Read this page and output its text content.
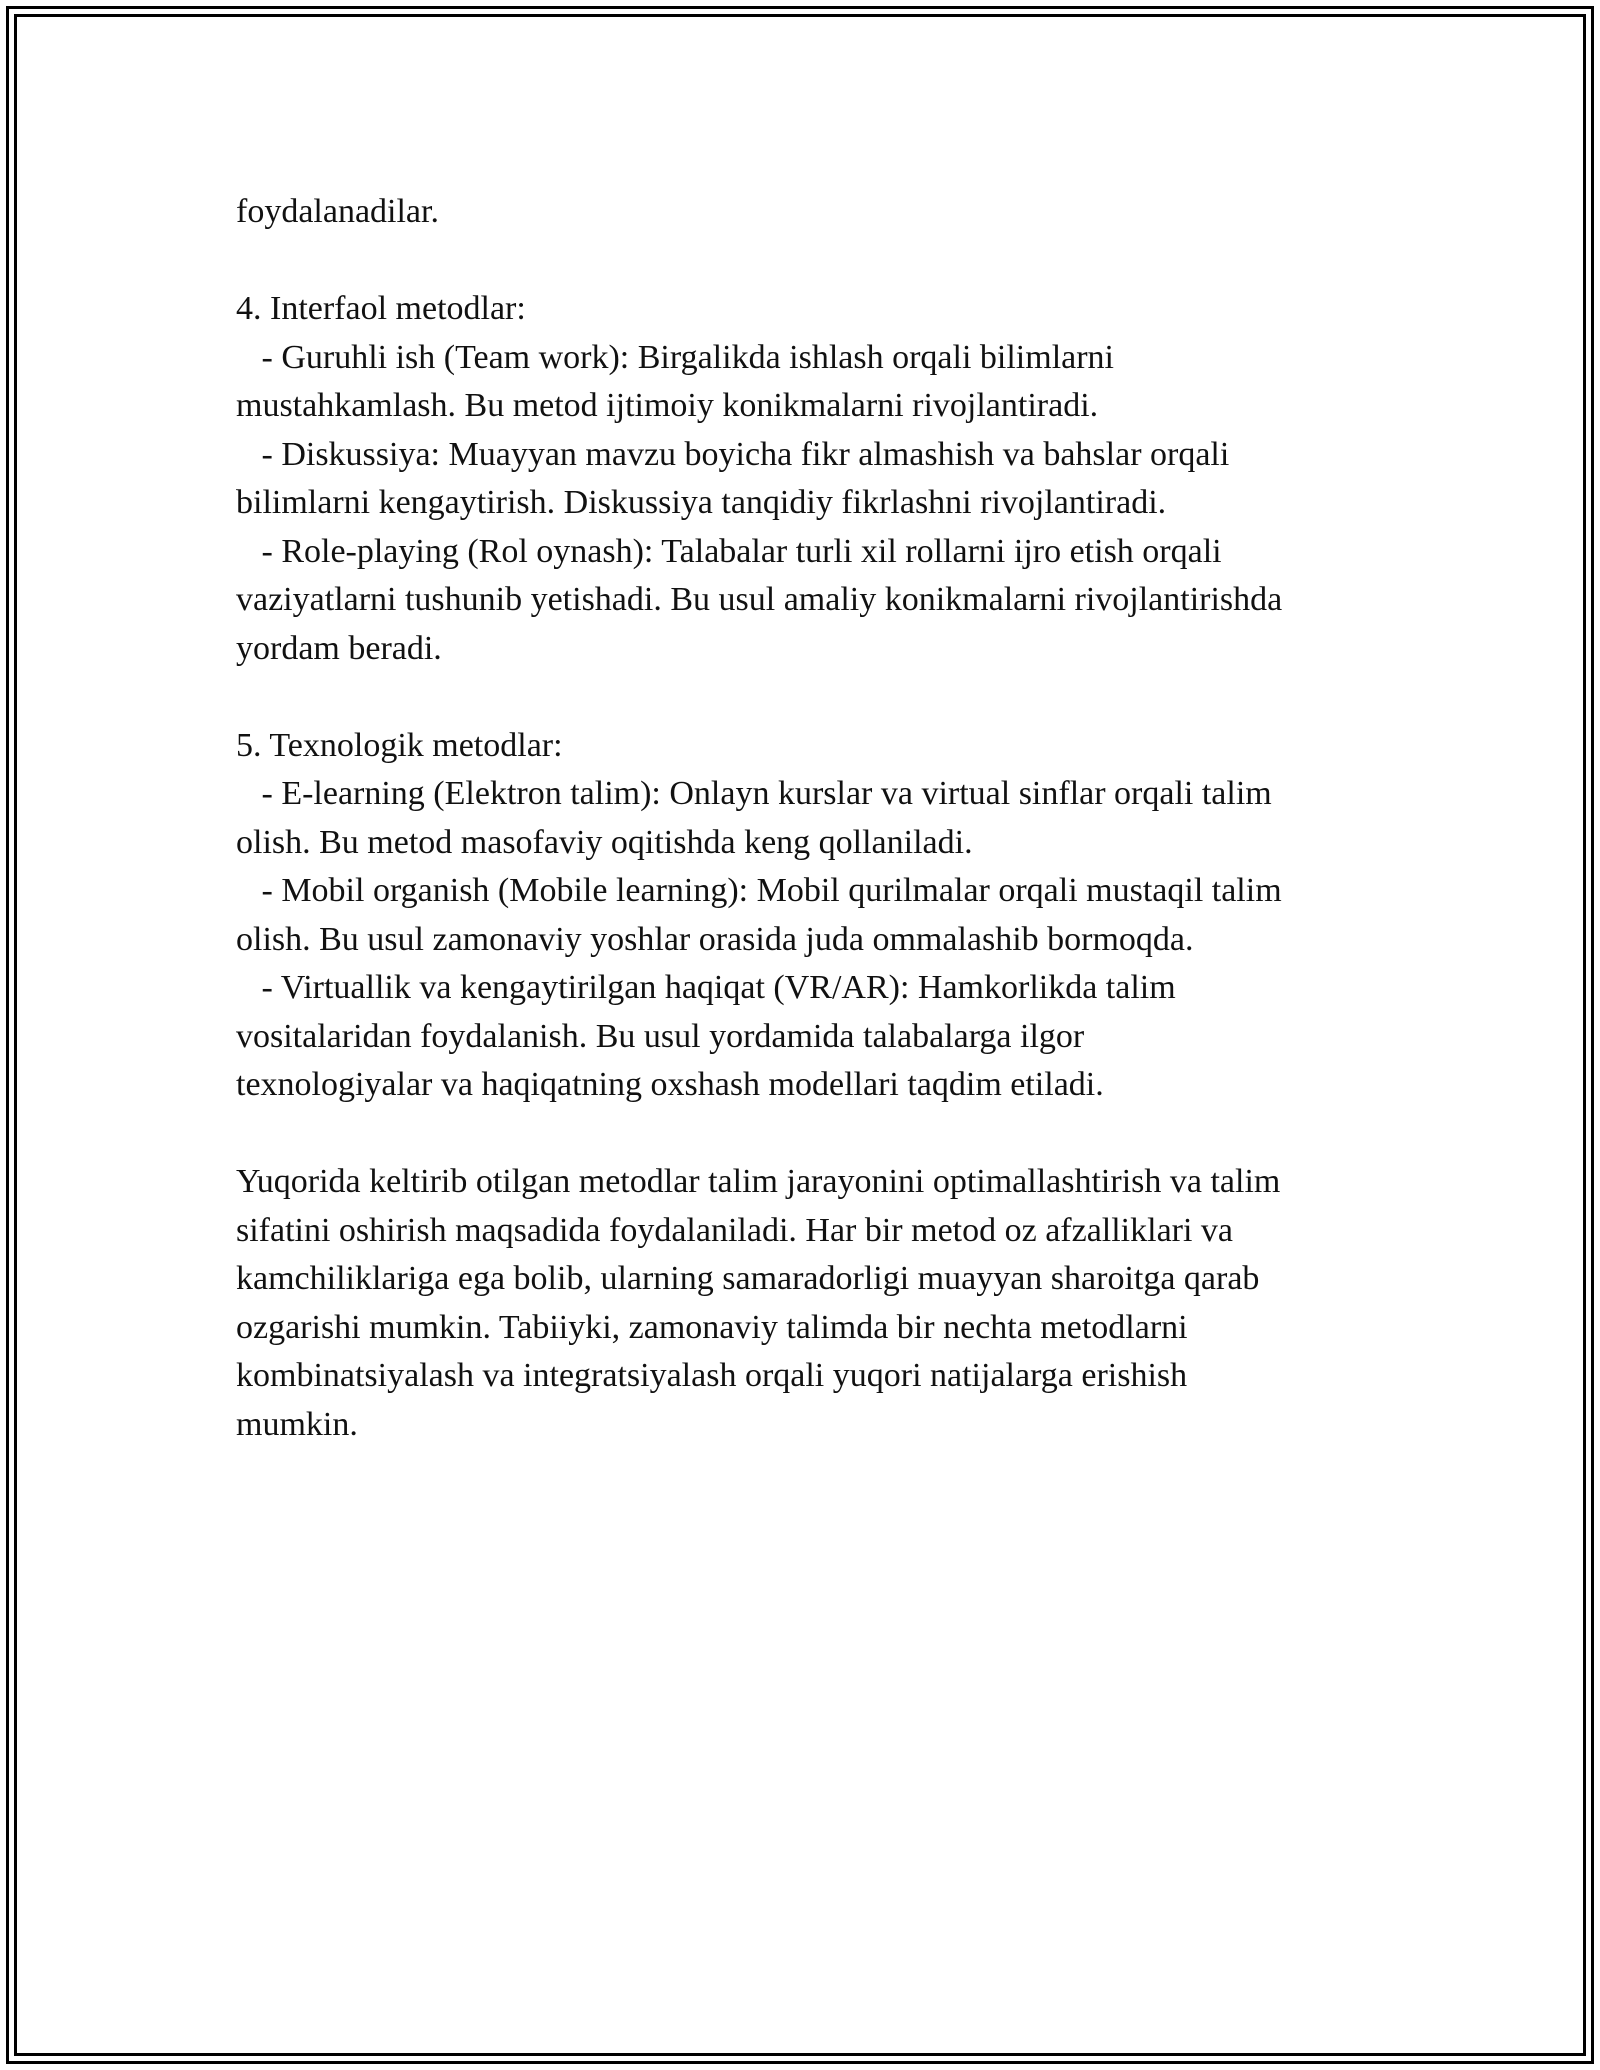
foydalanadilar.
4. Interfaol metodlar:
- Guruhli ish (Team work): Birgalikda ishlash orqali bilimlarni
mustahkamlash. Bu metod ijtimoiy konikmalarni rivojlantiradi.
- Diskussiya: Muayyan mavzu boyicha fikr almashish va bahslar orqali
bilimlarni kengaytirish. Diskussiya tanqidiy fikrlashni rivojlantiradi.
- Role-playing (Rol oynash): Talabalar turli xil rollarni ijro etish orqali
vaziyatlarni tushunib yetishadi. Bu usul amaliy konikmalarni rivojlantirishda
yordam beradi.
5. Texnologik metodlar:
- E-learning (Elektron talim): Onlayn kurslar va virtual sinflar orqali talim
olish. Bu metod masofaviy oqitishda keng qollaniladi.
- Mobil organish (Mobile learning): Mobil qurilmalar orqali mustaqil talim
olish. Bu usul zamonaviy yoshlar orasida juda ommalashib bormoqda.
- Virtuallik va kengaytirilgan haqiqat (VR/AR): Hamkorlikda talim
vositalaridan foydalanish. Bu usul yordamida talabalarga ilgor
texnologiyalar va haqiqatning oxshash modellari taqdim etiladi.
Yuqorida keltirib otilgan metodlar talim jarayonini optimallashtirish va talim
sifatini oshirish maqsadida foydalaniladi. Har bir metod oz afzalliklari va
kamchiliklariga ega bolib, ularning samaradorligi muayyan sharoitga qarab
ozgarishi mumkin. Tabiiyki, zamonaviy talimda bir nechta metodlarni
kombinatsiyalash va integratsiyalash orqali yuqori natijalarga erishish
mumkin.
